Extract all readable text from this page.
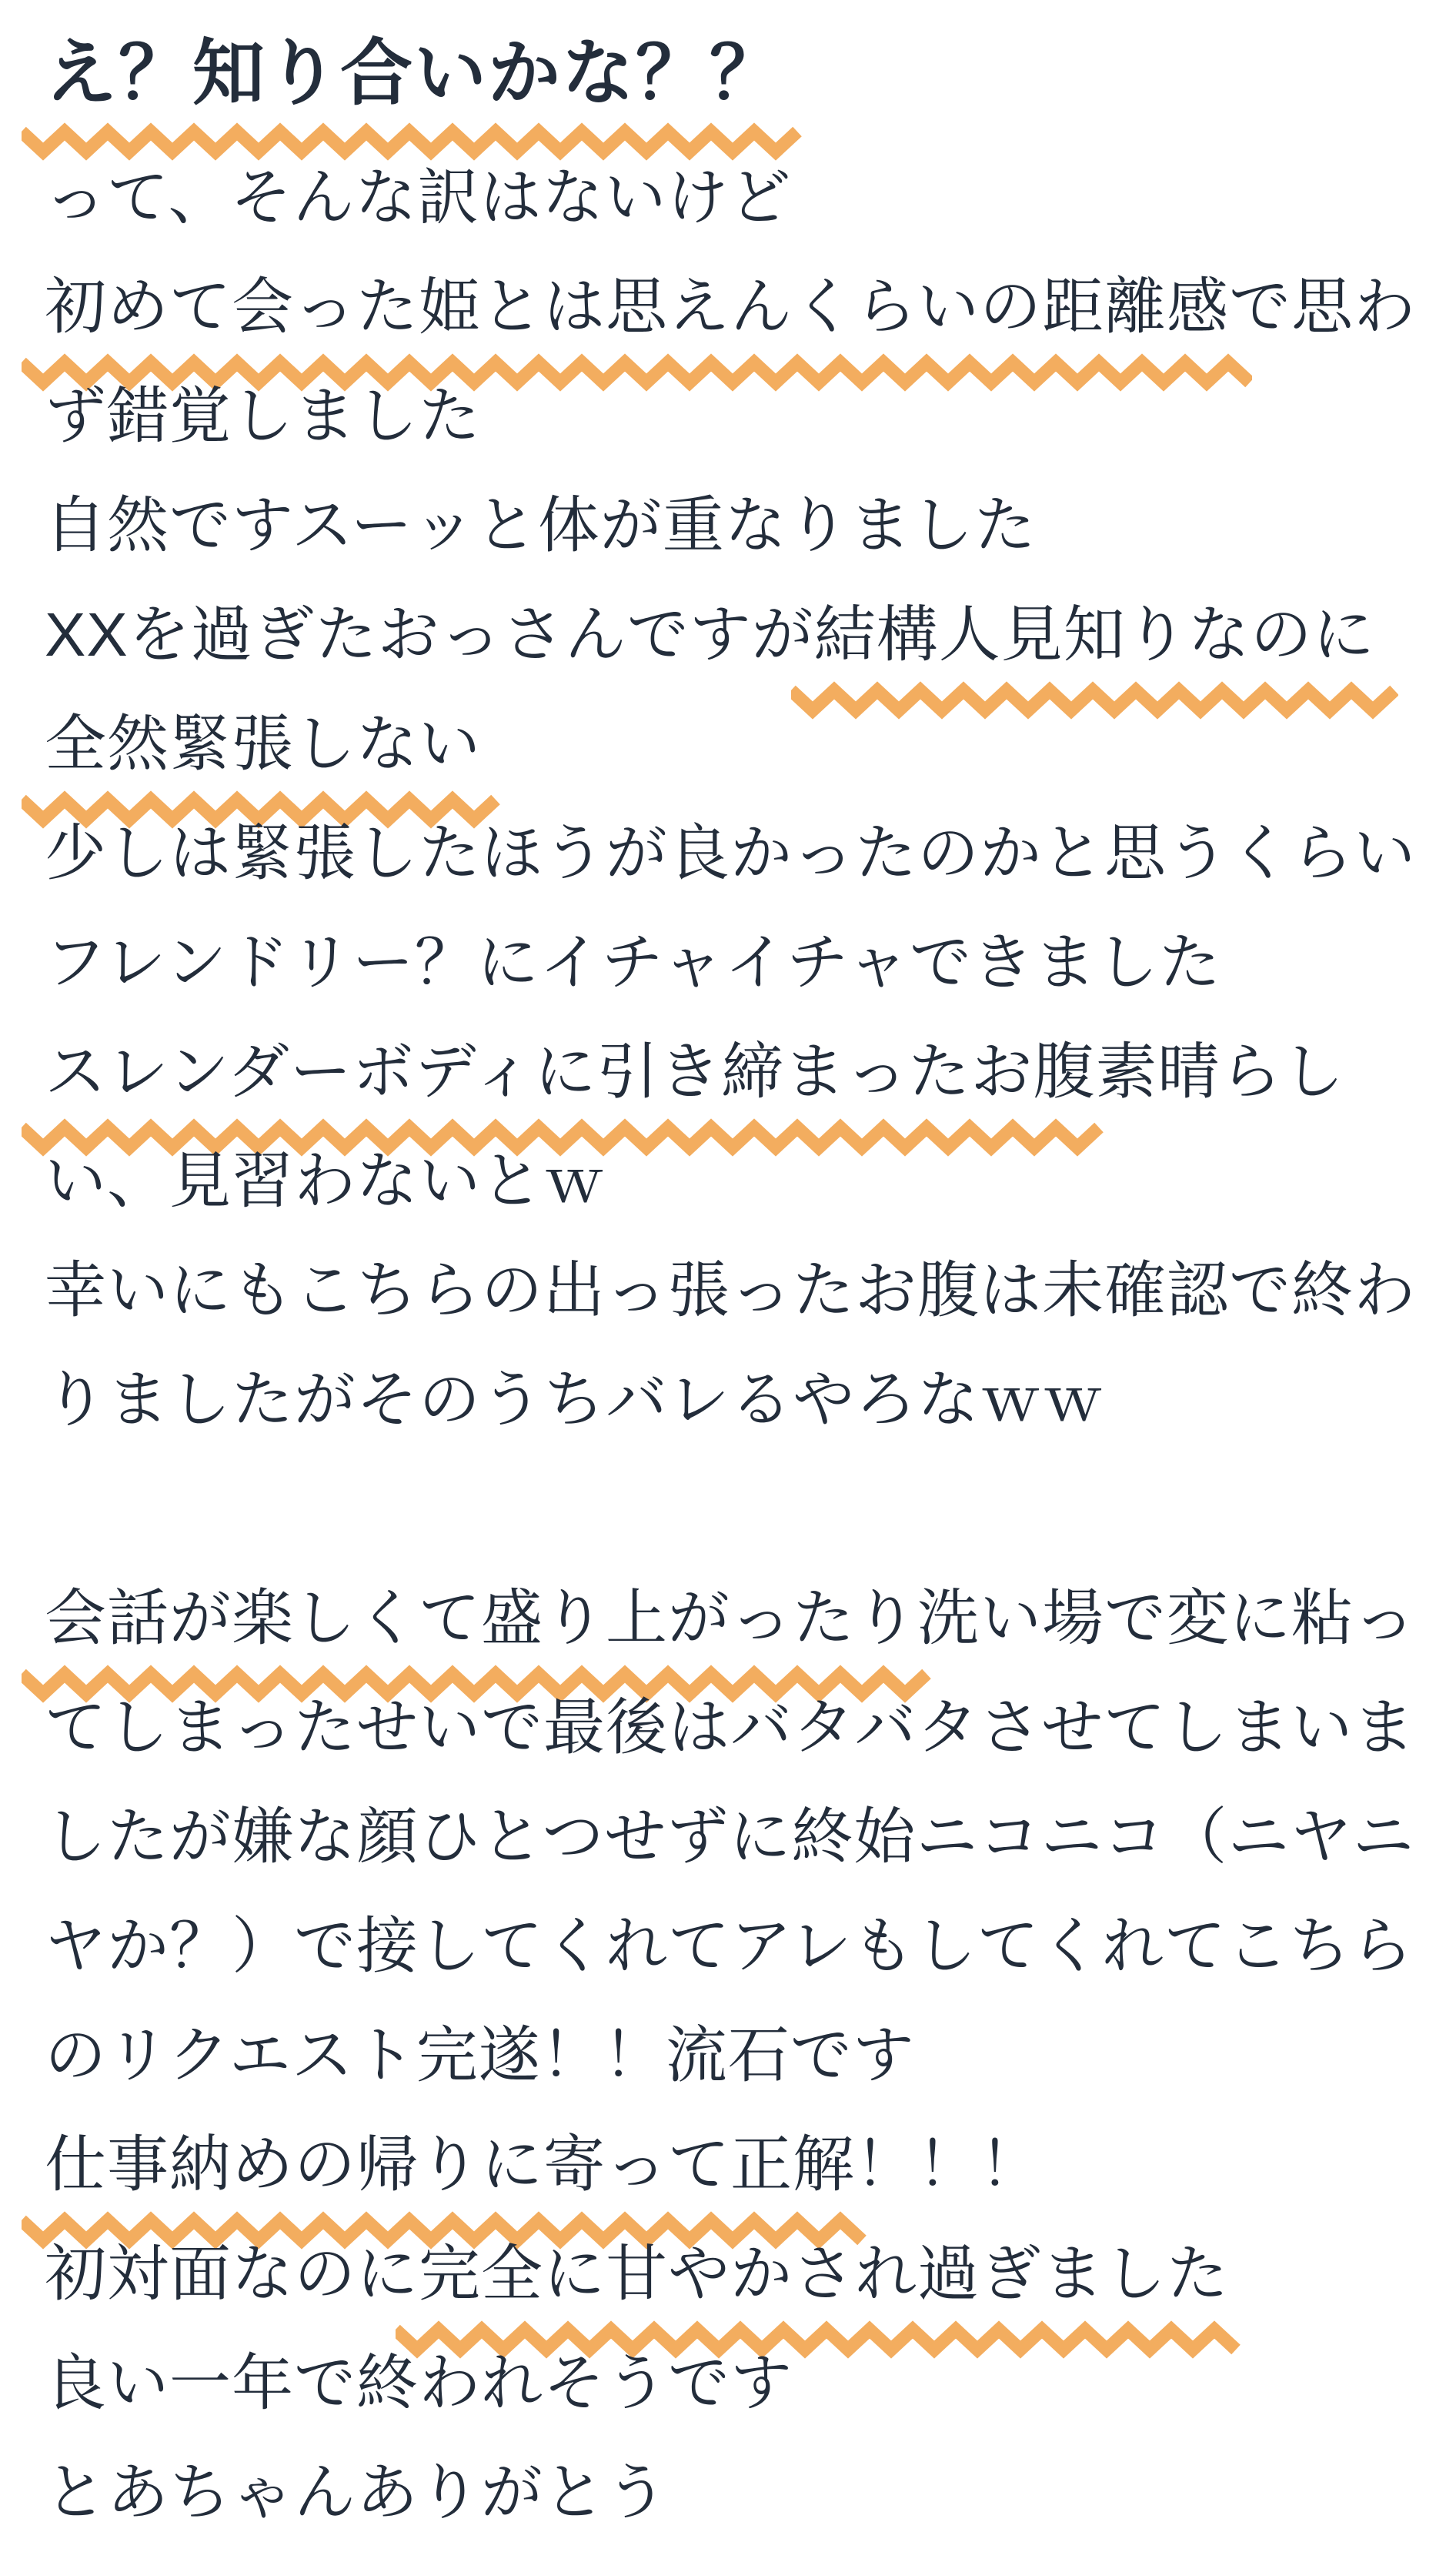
え？知り合いかな？？
って、そんな訳はないけど
初めて会った姫とは思えんくらいの距離感
で思わ
ず錯覚しました
自然ですスーッと体が重なりました
XXを過ぎたおっさんですが結構人見知りなのに
全然緊張しない
少しは緊張したほうが良かったのかと思うくらい
フレンドリー？にイチャイチャできました
スレンダーボディに引き締まったお腹
素晴らし
い、見習わないとｗ
幸いにもこちらの出っ張ったお腹は未確認で終わ
りましたがそのうちバレるやろなｗｗ
会話が楽しくて盛り上がったり
洗い場で変に粘っ
てしまったせいで最後はバタバタさせてしまいま
したが嫌な顔ひとつせずに終始ニコニコ（ニヤニ
ヤか？）で接してくれてアレもしてくれてこちら
のリクエスト完遂！！流石です
仕事納めの帰りに寄って正解
！！！
初対面なのに完全に甘やかされ過ぎました
良い一年で終われそうです
とあちゃんありがとう
